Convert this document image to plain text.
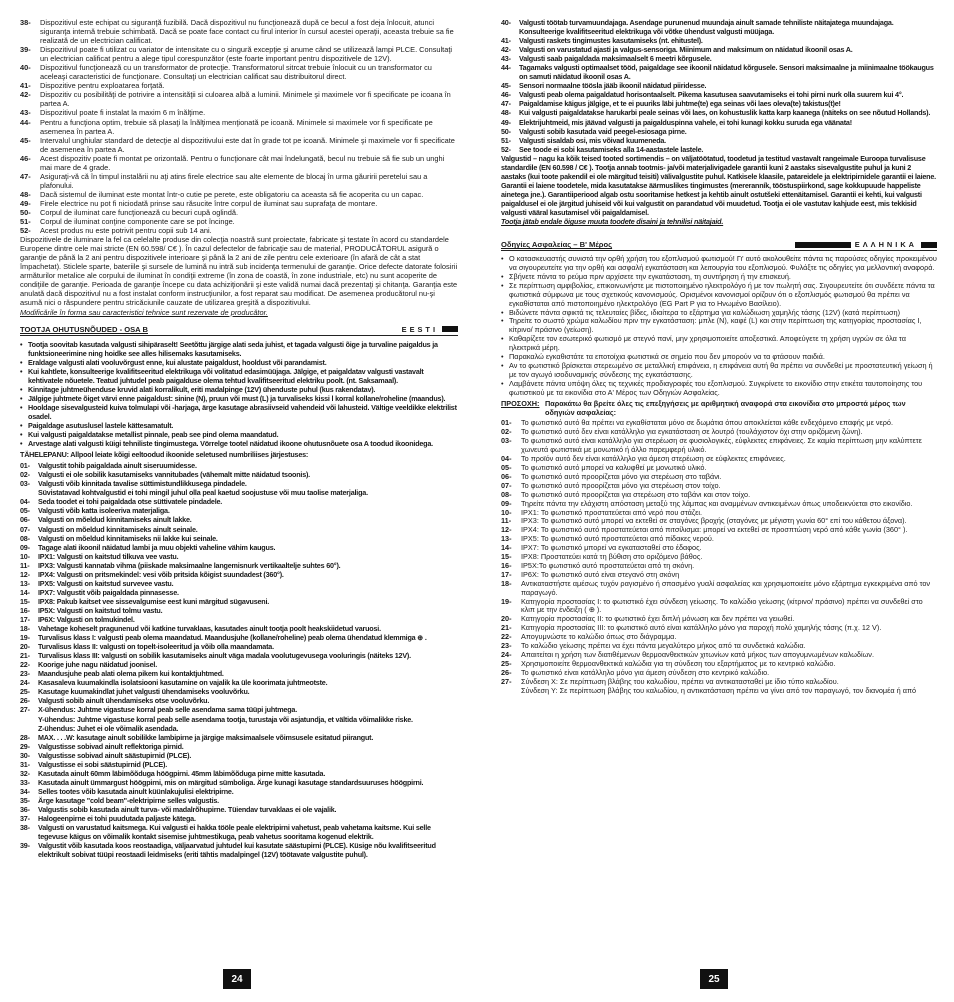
38-	Dispozitivul este echipat cu siguranţă fuzibilă. Dacă dispozitivul nu funcţionează după ce becul a fost deja înlocuit, atunci siguranţa internă trebuie schimbată. Dacă se poate face contact cu firul interior în cursul acestei operaţii, aceasta trebuie sa fie realizată de un electrician calificat.
39-	Dispozitivul poate fi utilizat cu variator de intensitate cu o singură excepţie şi anume când se utilizează lampi PLCE. Consultaţi un electrician calificat pentru a alege tipul corespunzător (este foarte important pentru dispozitivele de 12V).
40-	Dispozitivul funcţionează cu un transformator de protecţie. Transformatorul sitrcat trebuie înlocuit cu un transformator cu aceleaşi caracteristici de funcţionare. Consultaţi un electrician calificat sau distribuitorul direct.
41-	Dispozitive pentru exploatarea forţată.
42-	Dispozitiv cu posibilităţi de potrivire a intensităţii si culoarea albă a luminii. Minimele şi maximele vor fi specificate pe icoana în partea A.
43-	Dispozitivul poate fi instalat la maxim 6 m înălţime.
44-	Pentru a funcţiona optim, trebuie să plasaţi la înălţimea menţionată pe icoană. Minimele si maximele vor fi specificate pe asemenea în partea A.
45-	Intervalul unghiular standard de detecţie al dispozitivului este dat în grade tot pe icoană. Minimele şi maximele vor fi specificate de asemenea în partea A.
46-	Acest dispozitiv poate fi montat pe orizontală. Pentru o funcţionare cât mai îndelungată, becul nu trebuie să fie sub un unghi mai mare de 4 grade.
47-	Asiguraţi-vă că în timpul instalării nu aţi atins firele electrice sau alte elemente de blocaj în urma găuririi peretelui sau a plafonului.
48-	Dacă sistemul de iluminat este montat într-o cutie pe perete, este obligatoriu ca aceasta să fie acoperita cu un capac.
49-	Firele electrice nu pot fi niciodată prinse sau răsucite între corpul de iluminat sau suprafaţa de montare.
50-	Corpul de iluminat care funcţionează cu becuri cupă oglindă.
51-	Corpul de iluminat conţine componente care se pot încinge.
52-	Acest produs nu este potrivit pentru copii sub 14 ani.

Dispozitivele de iluminare la fel ca celelalte produse din colecţia noastră sunt proiectate, fabricate şi testate în acord cu standardele Europene dintre cele mai stricte (EN 60.598/ C€ ). În cazul defectelor de fabricaţie sau de material, PRODUCĂTORUL asigură o garanţie de până la 2 ani pentru dispozitivele interioare şi până la 2 ani de zile pentru cele exterioare (în afară de cât a stat împachetat). Sticlele sparte, bateriile şi sursele de lumină nu intră sub incidenţa termenului de garanţie. Orice defecte datorate folosirii armăturilor metalice ale corpului de iluminat în condiţii extreme (în zona de coastă, în zone industriale, etc) nu sunt acoperite de condiţiile de garanţie. Perioada de garanţie începe cu data achiziţionării şi este validă numai dacă prezentaţi şi chitanţa. Garanţia este anulată dacă dispozitivul nu a fost instalat conform instrucţiunilor, a fost reparat sau modificat. De asemenea producătorul nu-şi asumă nici o răspundere pentru stricăciunile cauzate de utilizarea greşită a dispozitivului.

Modificările în forma sau caracteristici tehnice sunt rezervate de producător.

TOOTJA OHUTUSNÕUDED - OSA B	EESTI
• Tootja soovitab kasutada valgusti sihipäraselt! Seetõttu järgige alati seda juhist, et tagada valgusti õige ja turvaline paigaldus ja funktsioneerimine ning hoidke see alles hilisemaks kasutamiseks.
• Eraldage valgusti alati vooluvõrgust enne, kui alustate paigaldust, hooldust või parandamist.
• Kui kahtlete, konsulteerige kvalifitseeritud elektrikuga või volitatud edasimüüjaga. Jälgige, et paigaldatav valgusti vastavalt kehtivatele nõuetele. Teatud juhtudel peab paigalduse olema tehtud kvalifitseeritud elektriku poolt. (nt. Saksamaal).
• Kinnitage juhtmeühenduse kruvid alati korralikult, eriti madalpinge (12V) ühenduste puhul (kus rakendatav).
• Jälgige juhtmete õiget värvi enne paigaldust: sinine (N), pruun või must (L) ja turvaliseks kissi l korral kollane/roheline (maandus).
• Hooldage sisevalgusteid kuiva tolmulapi või -harjaga, ärge kasutage abrasiivseid vahendeid või lahusteid. Vältige veeldikke elektrilist osadel.
• Paigaldage asutuslusel lastele kättesamatult.
• Kui valgusti paigaldatakse metallist pinnale, peab see pind olema maandatud.
• Arvestage alati valgusti küigi tehniliste tingimustega. Vörrelge tootel näidatud ikoone ohutusnõuete osa A toodud ikoonidega.
TÄHELEPANU: Allpool leiate kõigi eeltoodud ikoonide seletused numbriliises järjestuses:
01-	Valgustit tohib paigaldada ainult siseruumidesse.
02-	Valgusti ei ole sobilik kasutamiseks vannitubades (vähemalt mitte näidatud tsoonis).
03-	Valgusti võib kinnitada tavalise süttimistundlikkusega pindadele.
Süvistatavad kohtvalgustid ei tohi mingil juhul olla peal kaetud soojustuse või muu taolise materjaliga.
04-	Seda toodet ei tohi paigaldada otse süttivatele pindadele.
05-	Valgusti võib katta isoleeriva materjaliga.
06-	Valgusti on mõeldud kinnitamiseks ainult lakke.
07-	Valgusti on mõeldud kinnitamiseks ainult seinale.
08-	Valgusti on mõeldud kinnitamiseks nii lakke kui seinale.
09-	Tagage alati ikoonil näidatud lambi ja muu objekti vaheline vähim kaugus.
10-	IPX1: Valgusti on kaitstud tilkuva vee vastu.
11-	IPX3: Valgusti kannatab vihma (piiskade maksimaalne langemisnurk vertikaaltelje suhtes 60°).
12-	IPX4: Valgusti on pritsmekindel: vesi võib pritsida kõigist suundadest (360°).
13-	IPX5: Valgusti on kaitstud surveveе vastu.
14-	IPX7: Valgustit võib paigaldada pinnasesse.
15-	IPX8: Pakub kaitset vee sissevalgumise eest kuni märgitud sügavuseni.
16-	IP5X: Valgusti on kaitstud tolmu vastu.
17-	IP6X: Valgusti on tolmukindel.
18-	Vahetage koheselt pragunenud või katkine turvaklaas, kasutades ainult tootja poolt heakskiidetud varuosi.
19-	Turvalisus klass I: valgusti peab olema maandatud. Maandusjuhe (kollane/roheline) peab olema ühendatud klemmiga ⊕ .
20-	Turvalisus klass II: valgusti on topelt-isoleeritud ja võib olla maandamata.
21-	Turvalisus klass III: valgusti on sobilik kasutamiseks ainult väga madala voolutugevusega vooluringis (näiteks 12V).
22-	Koorige juhe nagu näidatud joonisel.
23-	Maandusjuhe peab alati olema pikem kui kontaktjuhtmed.
24-	Kasasaleva kuumakindla isolatsiooni kasutamine on vajalik ka üle koorimata juhtmeotste.
25-	Kasutage kuumakindlat juhet valgusti ühendamiseks vooluvõrku.
26-	Valgusti sobib ainult ühendamiseks otse vooluvõrku.
27-	X-ühendus: Juhtme vigastuse korral peab selle asendama sama tüüpi juhtmega.
Y-ühendus: Juhtme vigastuse korral peab selle asendama tootja, turustaja või asjatundja, et vältida võimalikke riske.
Z-ühendus: Juhet ei ole võimalik asendada.
28-	MAX. . . .W: kasutage ainult sobilikke lambipirne ja järgige maksimaalsele võimsusele esitatud piirangut.
29-	Valgustisse sobivad ainult reflektoriga pirnid.
30-	Valgustisse sobivad ainult säästupirnid (PLCE).
31-	Valgustisse ei sobi säästupirnid (PLCE).
32-	Kasutada ainult 60mm läbimõõduga höögpirni. 45mm läbimõõduga pirne mitte kasutada.
33-	Kasutada ainult ümmargust höögpirni, mis on märgitud sümboliga. Ärge kunagi kasutage standardsuuruses höögpirni.
34-	Selles tootes võib kasutada ainult küünlakujulisi elektripirne.
35-	Ärge kasutage "cold beam"-elektripirne selles valgustis.
36-	Valgustis sobib kasutada ainult turva- või madalrõhupirne. Tüiendav turvaklaas ei ole vajalik.
37-	Halogeenpirne ei tohi puudutada paljaste kätega.
38-	Valgusti on varustatud kaitsmega. Kui valgusti ei hakka tööle peale elektripirni vahetust, peab vahetama kaitsme. Kui selle tegevuse käigus on võimalik kontakt sisemise juhtmestikuga, peab vahetus sooritama kogenud elektrik.
39-	Valgustit võib kasutada koos reostaadiga, väljaarvatud juhtudel kui kasutate säästupirni (PLCE). Küsige nõu kvalifitseeritud elektrikult sobivat tüüpi reostaadi leidmiseks (eriti tähtis madalpingel (12V) töötavate valgustite puhul).
40-	Valgusti töötab turvamuundajaga. Asendage purunenud muundaja ainult samade tehniliste näitajatega muundajaga. Konsulteerige kvalifitseeritud elektrikuga või võtke ühendust valgusti müüjaga.
41-	Valgusti raskets tingimustes kasutamiseks (nt. ehitustel).
42-	Valgusti on varustatud ajasti ja valgus-sensoriga. Miinimum and maksimum on näidatud ikoonil osas A.
43-	Valgusti saab paigaldada maksimaalselt 6 meetri kõrgusele.
44-	Tagamaks valgusti optimaalset tööd, paigaldage see ikoonil näidatud kõrgusele. Sensori maksimaalne ja miinimaalne töökaugus on samuti näidatud ikoonil osas A.
45-	Sensori normaalne töösla jääb ikoonil näidatud piiridesse.
46-	Valgusti peab olema paigaldatud horisontaalselt. Pikema kasutusea saavutamiseks ei tohi pirni nurk olla suurem kui 4°.
47-	Paigaldamise käigus jälgige, et te ei puuriks läbi juhtme(te) ega seinas või laes oleva(te) takistus(t)e!
48-	Kui valgusti paigaldatakse harukarbi peale seinas või laes, on kohustuslik katta karp kaanega (näiteks on see nõutud Hollands).
49-	Elektrijuhtmeid, mis jäävad valgusti ja paigalduspinna vahele, ei tohi kunagi kokku suruda ega väänata!
50-	Valgusti sobib kasutada vaid peegel-esiosaga pirne.
51-	Valgusti sisaldab osi, mis võivad kuumeneda.
52-	See toode ei sobi kasutamiseks alla 14-aastastele lastele.

Valgustid – nagu ka kõik teised tooted sortimendis – on väljatöötatud, toodetud ja testitud vastavalt rangeimale Euroopa turvalisuse standardile (EN 60.598 / C€ ). Tootja annab tootmis- ja/või materjalivigadele garantii kuni 2 aastaks sisevalgustite puhul ja kuni 2 aastaks (kui toote pakendil ei ole märgitud teisiti) välivalgustite puhul. Katkisele klaasile, patareidele ja elektripirnidele garantii ei laiene. Garantii ei laiene toodetele, mida kasutatakse äärmuslikes tingimustes (mereranník, tööstuspiirkond, sage kokkupuude happeliste ainetega jne.). Garantiiperiood algab ostu sooritamise hetkest ja kehtib ainult ostutšeki ettenäitamisel. Garantii ei kehti, kui valgusti paigaldusel ei ole järgitud juhiseid või kui valgustit on parandatud või muudetud. Tootja ei ole vastutav kahjude eest, mis tekkisid valgusti vääral kasutamisel või paigaldamisel.

Tootja jätab endale õiguse muuta toodete disaini ja tehnilisi näitajaid.

Οδηγίες Ασφαλείας – Β' Μέρος	ΕΛΛΗΝΙΚΑ
• Ο κατασκευαστής συνιστά την ορθή χρήση του εξοπλισμού φωτισμού! Γι' αυτό ακολουθείτε πάντα τις παρούσες οδηγίες προκειμένου να σιγουρευτείτε για την ορθή και ασφαλή εγκατάσταση και λειτουργία του εξοπλισμού. Φυλάξτε τις οδηγίες για μελλοντική αναφορά.
• Σβήνετε πάντα το ρεύμα πριν αρχίσετε την εγκατάσταση, τη συντήρηση ή την επισκευή.
• Σε περίπτωση αμφιβολίας, επικοινωνήστε με πιστοποιημένο ηλεκτρολόγο ή με τον πωλητή σας. Σιγουρευτείτε ότι συνδέετε πάντα τα φωτιστικά σύμφωνα με τους σχετικούς κανονισμούς. Ορισμένοι κανονισμοί ορίζουν ότι ο εξοπλισμός φωτισμού θα πρέπει να εγκαθίσταται από πιστοποιημένο ηλεκτρολόγο (EG Part P για το Ηνωμένο Βασίλειο).
• Βιδώνετε πάντα σφικτά τις τελευταίες βίδες, ιδιαίτερα το εξάρτημα για καλώδιωση χαμηλής τάσης (12V) (κατά περίπτωση)
• Τηρείτε το σωστό χρώμα καλωδίου πριν την εγκατάσταση: μπλε (N), καφέ (L) και στην περίπτωση της κατηγορίας προστασίας I, κίτρινο/ πράσινο (γείωση).
• Καθαρίζετε τον εσωτερικό φωτισμό με στεγνό πανί, μην χρησιμοποιείτε αποξεστικά. Αποφεύγετε τη χρήση υγρών σε όλα τα ηλεκτρικά μέρη.
• Παρακαλώ εγκαθιστάτε τα εποτοίχια φωτιστικά σε σημείο που δεν μπορούν να τα φτάσουν παιδιά.
• Αν το φωτιστικό βρίσκεται στερεωμένο σε μεταλλική επιφάνεια, η επιφάνεια αυτή θα πρέπει να συνδεθεί με προστατευτική γείωση ή με τον αγωγό ισοδυναμικής σύνδεσης της εγκατάστασης.
• Λαμβάνετε πάντα υπόψη όλες τις τεχνικές προδιαγραφές του εξοπλισμού. Συγκρίνετε το εικονίδιο στην ετικέτα ταυτοποίησης του φωτιστικού με τα εικονίδια στο Α' Μέρος των Οδηγιών Ασφαλείας.
ΠΡΟΣΟΧΗ: Παρακάτω θα βρείτε όλες τις επεξηγήσεις με αριθμητική αναφορά στα εικονίδια στο μπροστά μέρος των οδηγιών ασφαλείας:
01-	Το φωτιστικό αυτό θα πρέπει να εγκαθίσταται μόνο σε δωμάτια όπου αποκλείεται κάθε ενδεχόμενο επαφής με νερό.
02-	Το φωτιστικό αυτό δεν είναι κατάλληλο για εγκατάσταση σε λουτρό (τουλάχιστον όχι στην οριζόμενη ζώνη).
03-	Το φωτιστικό αυτό είναι κατάλληλο για στερέωση σε φυσιολογικές, εύφλεκτες επιφάνειες. Σε καμία περίπτωση μην καλύπτετε χωνευτά φωτιστικά με μονωτικό ή άλλο παρεμφερή υλικό.
04-	Το προϊόν αυτό δεν είναι κατάλληλο για άμεση στερέωση σε εύφλεκτες επιφάνειες.
05-	Το φωτιστικό αυτό μπορεί να καλυφθεί με μονωτικό υλικό.
06-	Το φωτιστικό αυτό προορίζεται μόνο για στερέωση στο ταβάνι.
07-	Το φωτιστικό αυτό προορίζεται μόνο για στερέωση στον τοίχο.
08-	Το φωτιστικό αυτό προορίζεται για στερέωση στο ταβάνι και στον τοίχο.
09-	Τηρείτε πάντα την ελάχιστη απόσταση μεταξύ της λάμπας και αναμμένων αντικειμένων όπως υποδεικνύεται στο εικονίδιο.
10-	IPX1: Το φωτιστικό προστατεύεται από νερό που στάζει.
11-	IPX3: Το φωτιστικό αυτό μπορεί να εκτεθεί σε σταγόνες βροχής (σταγόνες με μέγιστη γωνία 60° επί του κάθετου άξονα).
12-	IPX4: Το φωτιστικό αυτό προστατεύεται από πιτσίλισμα: μπορεί να εκτεθεί σε προσπτώση νερό από κάθε γωνία (360° ).
13-	IPX5: Το φωτιστικό αυτό προστατεύεται από πίδακες νερού.
14-	IPX7: Το φωτιστικό μπορεί να εγκατασταθεί στο έδαφος.
15-	IPX8: Προστατεύει κατά τη βύθιση στο οριζόμενο βάθος.
16-	IP5X:Το φωτιστικό αυτό προστατεύεται από τη σκόνη.
17-	IP6X: Το φωτιστικό αυτό είναι στεγανό στη σκόνη
18-	Αντικαταστήστε αμέσως τυχόν ραγισμένο ή σπασμένο γυαλί ασφαλείας και χρησιμοποιείτε μόνο εξάρτημα εγκεκριμένα από τον παραγωγό.
19-	Κατηγορία προστασίας I: το φωτιστικό έχει σύνδεση γείωσης. Το καλώδιο γείωσης (κίτρινο/ πράσινο) πρέπει να συνδεθεί στο κλιπ με την ένδειξη ( ⊕ ).
20-	Κατηγορία προστασίας II: το φωτιστικό έχει διπλή μόνωση και δεν πρέπει να γειωθεί.
21-	Κατηγορία προστασίας III: το φωτιστικό αυτό είναι κατάλληλο μόνο για παροχή πολύ χαμηλής τάσης (π.χ. 12 V).
22-	Απογυμνώστε το καλώδιο όπως στο διάγραμμα.
23-	Το καλώδιο γείωσης πρέπει να έχει πάντα μεγαλύτερο μήκος από τα συνδετικά καλώδια.
24-	Απαιτείται η χρήση των διατιθέμενων θερμοανθεκτικών χιτωνίων κατά μήκος των απογυμνωμένων καλωδίων.
25-	Χρησιμοποιείτε θερμοανθεκτικά καλώδια για τη σύνδεση του εξαρτήματος με το κεντρικό καλώδιο.
26-	Το φωτιστικό είναι κατάλληλο μόνο για άμεση σύνδεση στο κεντρικό καλώδιο.
27-	Σύνδεση X: Σε περίπτωση βλάβης του καλωδίου, πρέπει να αντικατασταθεί με ίδιο τύπο καλωδίου.
Σύνδεση Y: Σε περίπτωση βλάβης του καλωδίου, η αντικατάσταση πρέπει να γίνει από τον παραγωγό, τον διανομέα ή από
24	25
